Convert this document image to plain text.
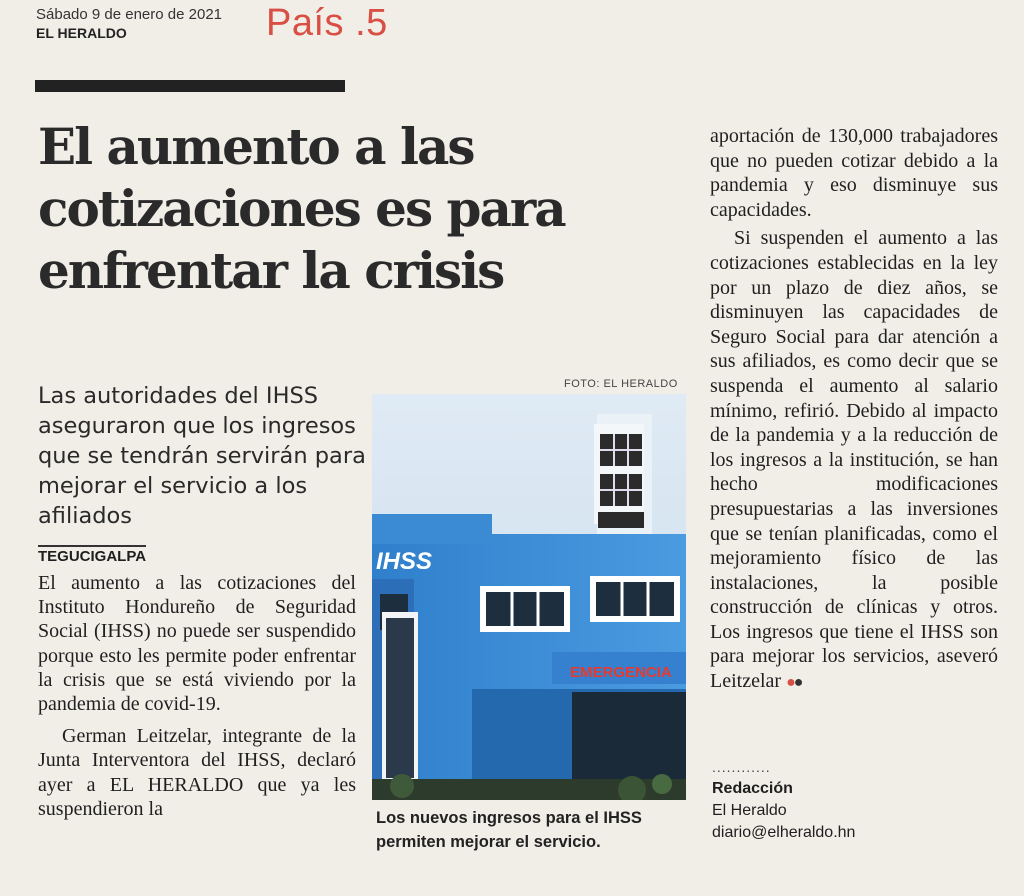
Sábado 9 de enero de 2021
EL HERALDO	País .5
El aumento a las cotizaciones es para enfrentar la crisis
Las autoridades del IHSS aseguraron que los ingresos que se tendrán servirán para mejorar el servicio a los afiliados
TEGUCIGALPA

El aumento a las cotizaciones del Instituto Hondureño de Seguridad Social (IHSS) no puede ser suspendido porque esto les permite poder enfrentar la crisis que se está viviendo por la pandemia de covid-19.

German Leitzelar, integrante de la Junta Interventora del IHSS, declaró ayer a EL HERALDO que ya les suspendieron la

FOTO: EL HERALDO
IHSS
EMERGENCIA
Los nuevos ingresos para el IHSS permiten mejorar el servicio.

aportación de 130,000 trabajadores que no pueden cotizar debido a la pandemia y eso disminuye sus capacidades.

Si suspenden el aumento a las cotizaciones establecidas en la ley por un plazo de diez años, se disminuyen las capacidades de Seguro Social para dar atención a sus afiliados, es como decir que se suspenda el aumento al salario mínimo, refirió. Debido al impacto de la pandemia y a la reducción de los ingresos a la institución, se han hecho modificaciones presupuestarias a las inversiones que se tenían planificadas, como el mejoramiento físico de las instalaciones, la posible construcción de clínicas y otros. Los ingresos que tiene el IHSS son para mejorar los servicios, aseveró Leitzelar ●●

............
Redacción
El Heraldo
diario@elheraldo.hn
